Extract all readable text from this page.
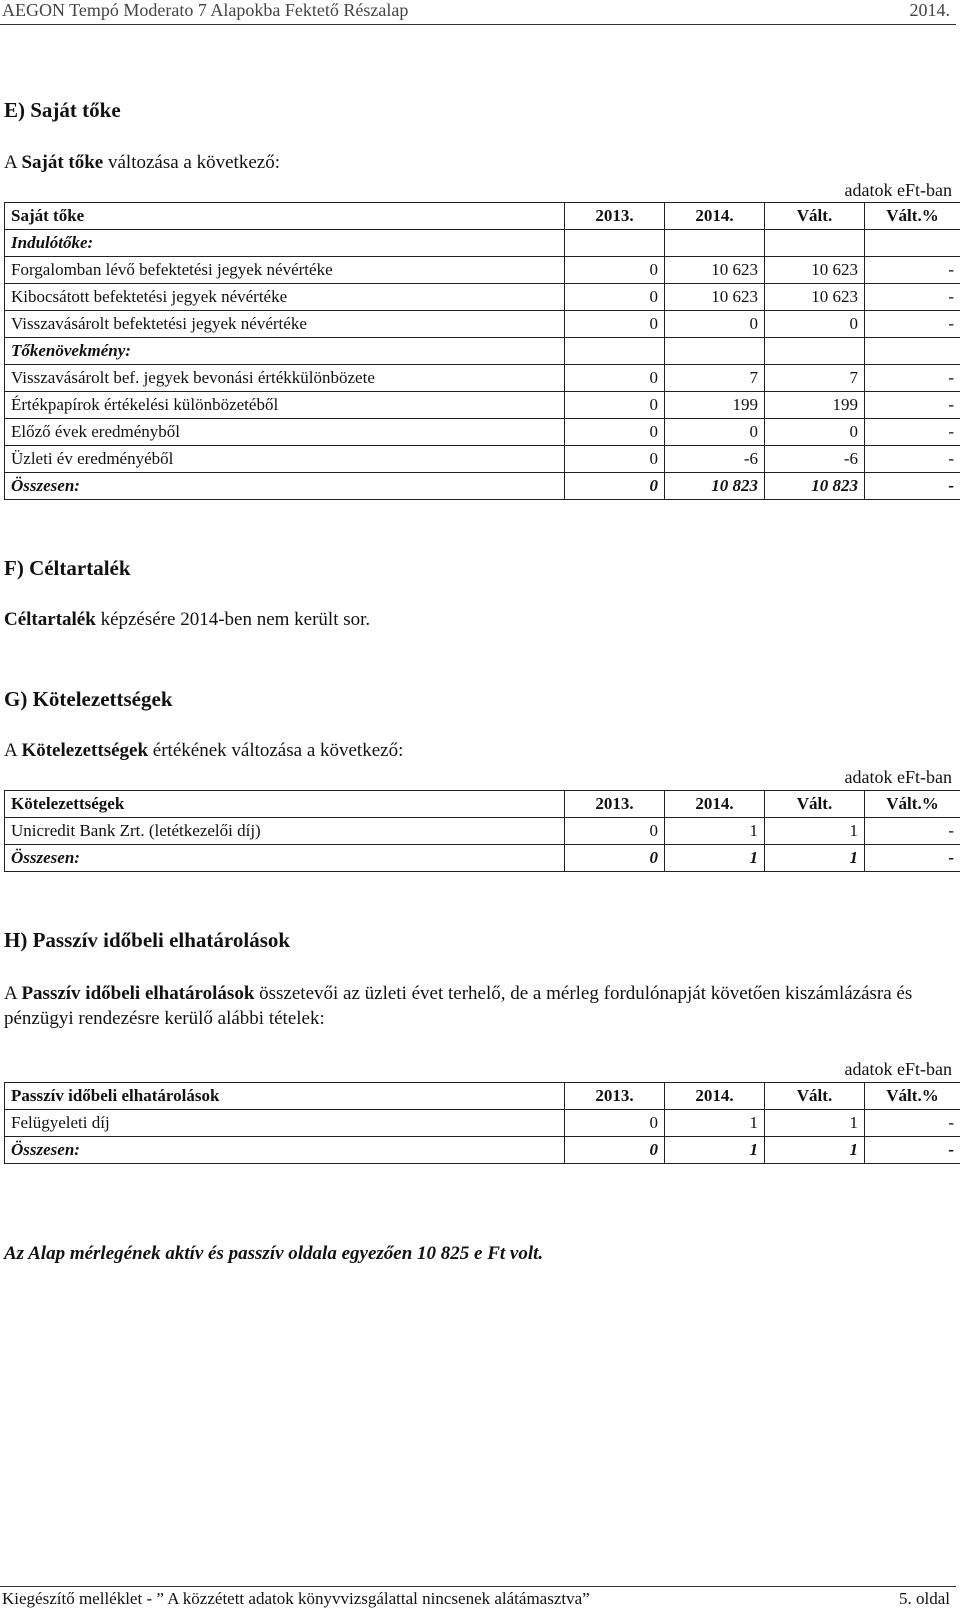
AEGON Tempó Moderato 7 Alapokba Fektető Részalap	2014.
E) Saját tőke
A Saját tőke változása a következő:
adatok eFt-ban
Saját tőke	2013.	2014.	Vált.	Vált.%
Indulótőke:				
Forgalomban lévő befektetési jegyek névértéke	0	10 623	10 623	-
Kibocsátott befektetési jegyek névértéke	0	10 623	10 623	-
Visszavásárolt befektetési jegyek névértéke	0	0	0	-
Tőkenövekmény:				
Visszavásárolt bef. jegyek bevonási értékkülönbözete	0	7	7	-
Értékpapírok értékelési különbözetéből	0	199	199	-
Előző évek eredményből	0	0	0	-
Üzleti év eredményéből	0	-6	-6	-
Összesen:	0	10 823	10 823	-
F) Céltartalék
Céltartalék képzésére 2014-ben nem került sor.
G) Kötelezettségek
A Kötelezettségek értékének változása a következő:
adatok eFt-ban
Kötelezettségek	2013.	2014.	Vált.	Vált.%
Unicredit Bank Zrt. (letétkezelői díj)	0	1	1	-
Összesen:	0	1	1	-
H) Passzív időbeli elhatárolások
A Passzív időbeli elhatárolások összetevői az üzleti évet terhelő, de a mérleg fordulónapját követően kiszámlázásra és pénzügyi rendezésre kerülő alábbi tételek:
adatok eFt-ban
Passzív időbeli elhatárolások	2013.	2014.	Vált.	Vált.%
Felügyeleti díj	0	1	1	-
Összesen:	0	1	1	-
Az Alap mérlegének aktív és passzív oldala egyezően 10 825 e Ft volt.
Kiegészítő melléklet - ” A közzétett adatok könyvvizsgálattal nincsenek alátámasztva”	5. oldal
